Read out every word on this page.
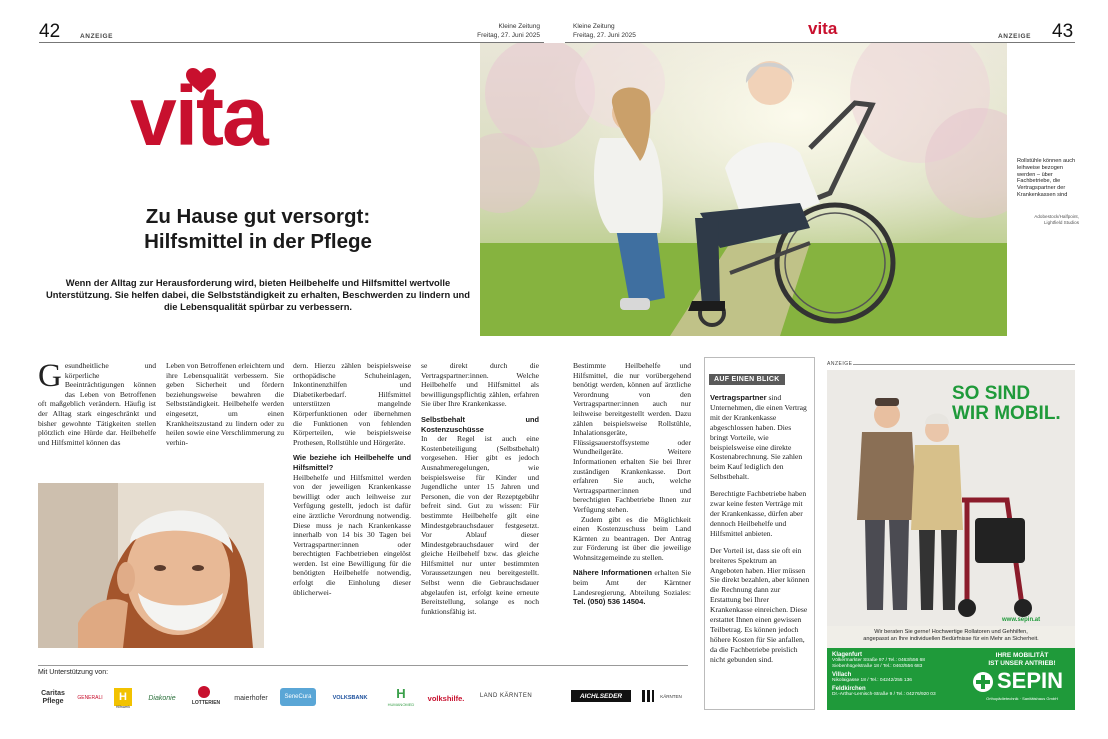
42	ANZEIGE
Kleine Zeitung
Freitag, 27. Juni 2025
Kleine Zeitung
Freitag, 27. Juni 2025	vita	ANZEIGE 43
vita
Zu Hause gut versorgt:
Hilfsmittel in der Pflege
Wenn der Alltag zur Herausforderung wird, bieten Heilbehelfe und Hilfsmittel wertvolle Unterstützung. Sie helfen dabei, die Selbstständigkeit zu erhalten, Beschwerden zu lindern und die Lebensqualität spürbar zu verbessern.
Rollstühle können auch leihweise bezogen werden – über Fachbetriebe, die Vertragspartner der Krankenkassen sind
Adobestock/Halfpoint, Lightfield Studios
Gesundheitliche und körperliche Beeinträchtigungen können das Leben von Betroffenen oft maßgeblich verändern. Häufig ist der Alltag stark eingeschränkt und bisher gewohnte Tätigkeiten stellen plötzlich eine Hürde dar. Heilbehelfe und Hilfsmittel können das

Leben von Betroffenen erleichtern und ihre Lebensqualität verbessern. Sie geben Sicherheit und fördern beziehungsweise bewahren die Selbstständigkeit. Heilbehelfe werden eingesetzt, um einen Krankheitszustand zu lindern oder zu heilen sowie eine Verschlimmerung zu verhin-

dern. Hierzu zählen beispielsweise orthopädische Schuheinlagen, Inkontinenzhilfen und Diabetikerbedarf. Hilfsmittel unterstützen mangelnde Körperfunktionen oder übernehmen die Funktionen von fehlenden Körperteilen, wie beispielsweise Prothesen, Rollstühle und Hörgeräte.

Wie beziehe ich Heilbehelfe und Hilfsmittel?

Heilbehelfe und Hilfsmittel werden von der jeweiligen Krankenkasse bewilligt oder auch leihweise zur Verfügung gestellt, jedoch ist dafür eine ärztliche Verordnung notwendig. Diese muss je nach Krankenkasse innerhalb von 14 bis 30 Tagen bei Vertragspartner:innen oder berechtigten Fachbetrieben eingelöst werden. Ist eine Bewilligung für die benötigten Heilbehelfe notwendig, erfolgt die Einholung dieser üblicherwei-

se direkt durch die Vertragspartner:innen. Welche Heilbehelfe und Hilfsmittel als bewilligungspflichtig zählen, erfahren Sie über Ihre Krankenkasse.

Selbstbehalt und Kostenzuschüsse

In der Regel ist auch eine Kostenbeteiligung (Selbstbehalt) vorgesehen. Hier gibt es jedoch Ausnahmeregelungen, wie beispielsweise für Kinder und Jugendliche unter 15 Jahren und Personen, die von der Rezeptgebühr befreit sind. Gut zu wissen: Für bestimmte Heilbehelfe gilt eine Mindestgebrauchsdauer festgesetzt. Vor Ablauf dieser Mindestgebrauchsdauer wird der gleiche Heilbehelf bzw. das gleiche Hilfsmittel nur unter bestimmten Voraussetzungen neu bereitgestellt. Selbst wenn die Gebrauchsdauer abgelaufen ist, erfolgt keine erneute Bereitstellung, solange es noch funktionsfähig ist.

Bestimmte Heilbehelfe und Hilfsmittel, die nur vorübergehend benötigt werden, können auf ärztliche Verordnung von den Vertragspartner:innen auch nur leihweise bereitgestellt werden. Dazu zählen beispielsweise Rollstühle, Inhalationsgeräte, Flüssigsauerstoffsysteme oder Wundheilgeräte. Weitere Informationen erhalten Sie bei Ihrer zuständigen Krankenkasse. Dort erfahren Sie auch, welche Vertragspartner:innen und berechtigten Fachbetriebe Ihnen zur Verfügung stehen.

Zudem gibt es die Möglichkeit einen Kostenzuschuss beim Land Kärnten zu beantragen. Der Antrag zur Förderung ist über die jeweilige Wohnsitzgemeinde zu stellen.

Nähere Informationen erhalten Sie beim Amt der Kärntner Landesregierung, Abteilung Soziales: Tel. (050) 536 14504.

AUF EINEN BLICK

Vertragspartner sind Unternehmen, die einen Vertrag mit der Krankenkasse abgeschlossen haben. Dies bringt Vorteile, wie beispielsweise eine direkte Kostenabrechnung. Sie zahlen beim Kauf lediglich den Selbstbehalt.

Berechtigte Fachbetriebe haben zwar keine festen Verträge mit der Krankenkasse, dürfen aber dennoch Heilbehelfe und Hilfsmittel anbieten.

Der Vorteil ist, dass sie oft ein breiteres Spektrum an Angeboten haben. Hier müssen Sie direkt bezahlen, aber können die Rechnung dann zur Erstattung bei Ihrer Krankenkasse einreichen. Diese erstattet Ihnen einen gewissen Teilbetrag. Es können jedoch höhere Kosten für Sie anfallen, da die Fachbetriebe preislich nicht gebunden sind.

ANZEIGE
SO SIND
WIR MOBIL.
www.sepin.at
Wir beraten Sie gerne! Hochwertige Rollatoren und Gehhilfen,
angepasst an Ihre individuellen Bedürfnisse für ein Mehr an Sicherheit.
Klagenfurt
Völkermarkter Straße 97 / Tel.: 0463/556 68
Siebenhügelstraße 18 / Tel.: 0463/556 683
Villach
Nikolaigasse 18 / Tel.: 04242/255 136
Feldkirchen
Dr.-Arthur-Lemisch-Straße 9 / Tel.: 04276/920 03
IHRE MOBILITÄT
IST UNSER ANTRIEB!
SEPIN
Orthopädietechnik · Sanitätshaus GmbH
Mit Unterstützung von:
Caritas Pflege	GENERALI	H
Hilfswerk
Diakonie
LOTTERIEN
maierhofer	SeneCura	VOLKSBANK	H
HUMANOMED
volkshilfe.	LAND KÄRNTEN	AICHLSEDER	KÄRNTEN
